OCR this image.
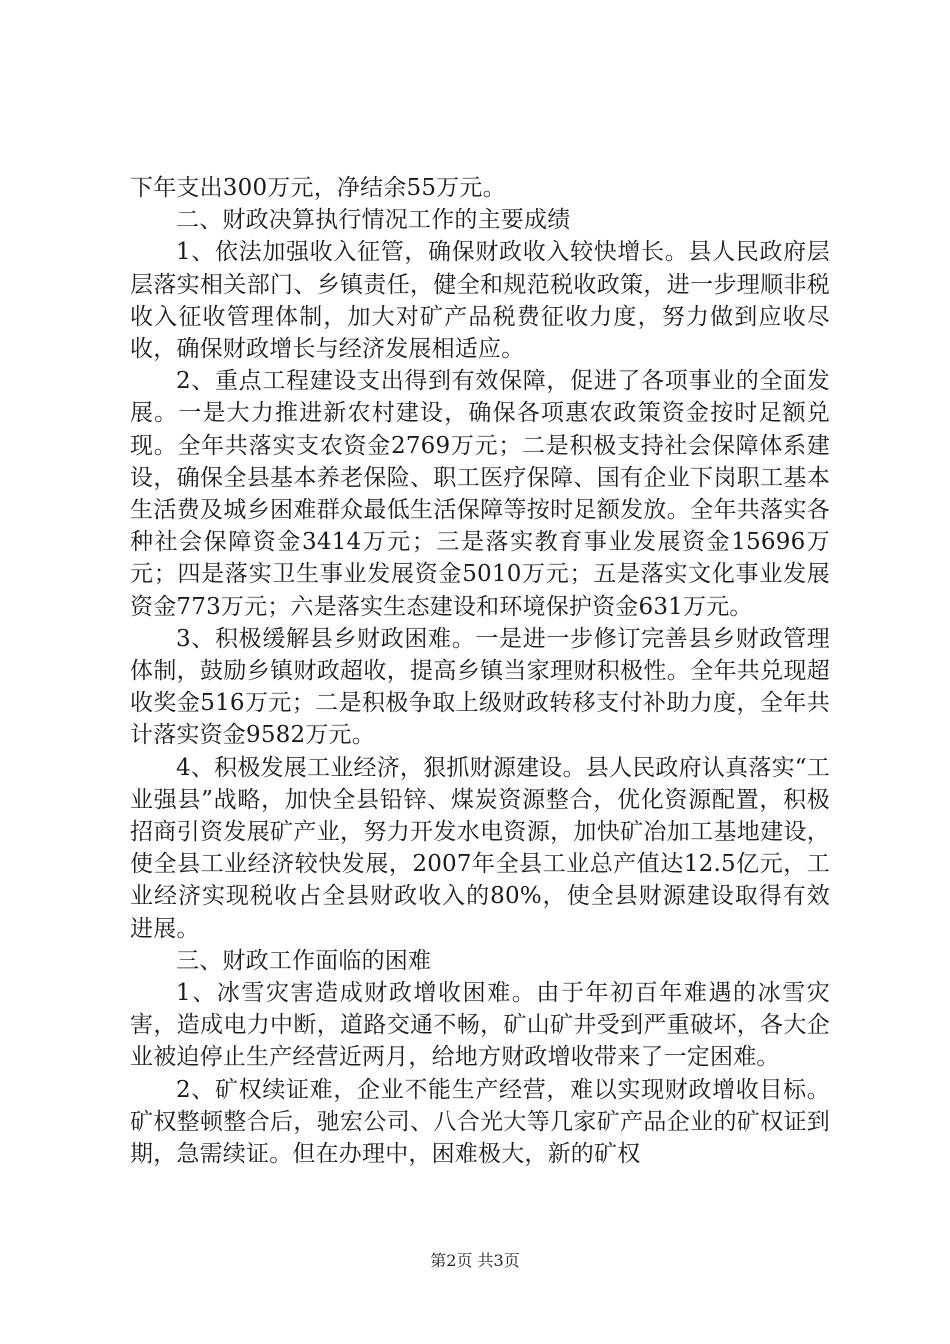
下年支出300万元，净结余55万元。

二、财政决算执行情况工作的主要成绩

1、依法加强收入征管，确保财政收入较快增长。县人民政府层层落实相关部门、乡镇责任，健全和规范税收政策，进一步理顺非税收入征收管理体制，加大对矿产品税费征收力度，努力做到应收尽收，确保财政增长与经济发展相适应。

2、重点工程建设支出得到有效保障，促进了各项事业的全面发展。一是大力推进新农村建设，确保各项惠农政策资金按时足额兑现。全年共落实支农资金2769万元；二是积极支持社会保障体系建设，确保全县基本养老保险、职工医疗保障、国有企业下岗职工基本生活费及城乡困难群众最低生活保障等按时足额发放。全年共落实各种社会保障资金3414万元；三是落实教育事业发展资金15696万元；四是落实卫生事业发展资金5010万元；五是落实文化事业发展资金773万元；六是落实生态建设和环境保护资金631万元。

3、积极缓解县乡财政困难。一是进一步修订完善县乡财政管理体制，鼓励乡镇财政超收，提高乡镇当家理财积极性。全年共兑现超收奖金516万元；二是积极争取上级财政转移支付补助力度，全年共计落实资金9582万元。

4、积极发展工业经济，狠抓财源建设。县人民政府认真落实“工业强县”战略，加快全县铅锌、煤炭资源整合，优化资源配置，积极招商引资发展矿产业，努力开发水电资源，加快矿冶加工基地建设，使全县工业经济较快发展，2007年全县工业总产值达12.5亿元，工业经济实现税收占全县财政收入的80%，使全县财源建设取得有效进展。

三、财政工作面临的困难

1、冰雪灾害造成财政增收困难。由于年初百年难遇的冰雪灾害，造成电力中断，道路交通不畅，矿山矿井受到严重破坏，各大企业被迫停止生产经营近两月，给地方财政增收带来了一定困难。

2、矿权续证难，企业不能生产经营，难以实现财政增收目标。矿权整顿整合后，驰宏公司、八合光大等几家矿产品企业的矿权证到期，急需续证。但在办理中，困难极大，新的矿权

第2页 共3页
